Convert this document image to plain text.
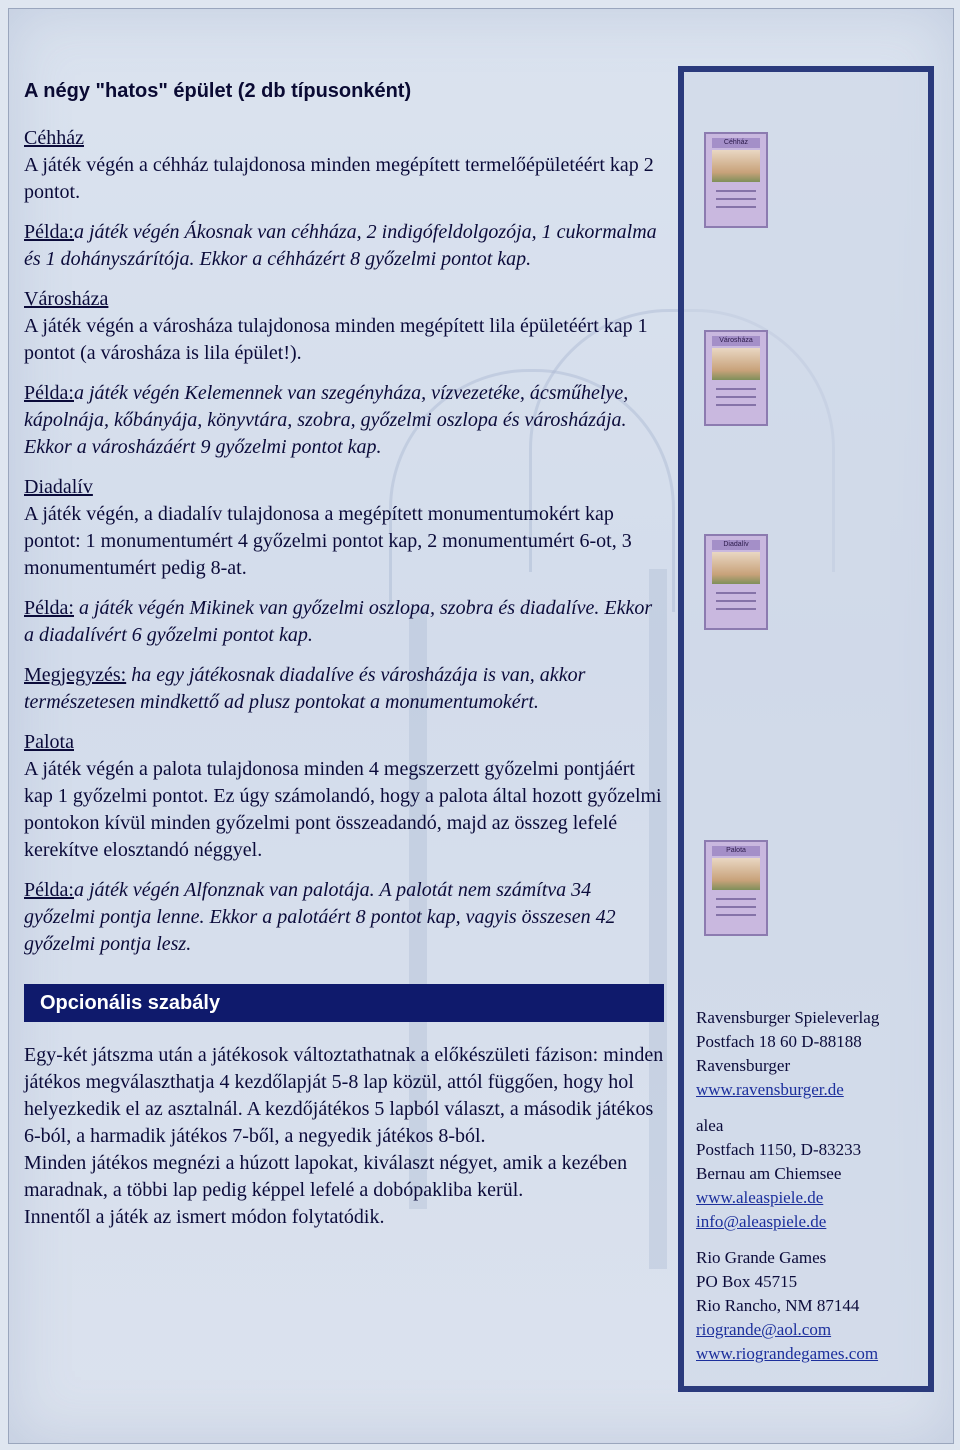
A négy "hatos" épület (2 db típusonként)
Céhház

A játék végén a céhház tulajdonosa minden megépített termelőépületéért kap 2 pontot.

Példa:a játék végén Ákosnak van céhháza, 2 indigófeldolgozója, 1 cukormalma és 1 dohányszárítója. Ekkor a céhházért 8 győzelmi pontot kap.

Városháza

A játék végén a városháza tulajdonosa minden megépített lila épületéért kap 1 pontot (a városháza is lila épület!).

Példa:a játék végén Kelemennek van szegényháza, vízvezetéke, ácsműhelye, kápolnája, kőbányája, könyvtára, szobra, győzelmi oszlopa és városházája. Ekkor a városházáért 9 győzelmi pontot kap.

Diadalív

A játék végén, a diadalív tulajdonosa a megépített monumentumokért kap pontot: 1 monumentumért 4 győzelmi pontot kap, 2 monumentumért 6-ot, 3 monumentumért pedig 8-at.

Példa: a játék végén Mikinek van győzelmi oszlopa, szobra és diadalíve. Ekkor a diadalívért 6 győzelmi pontot kap.

Megjegyzés: ha egy játékosnak diadalíve és városházája is van, akkor természetesen mindkettő ad plusz pontokat a monumentumokért.

Palota

A játék végén a palota tulajdonosa minden 4 megszerzett győzelmi pontjáért kap 1 győzelmi pontot. Ez úgy számolandó, hogy a palota által hozott győzelmi pontokon kívül minden győzelmi pont összeadandó, majd az összeg lefelé kerekítve elosztandó néggyel.

Példa:a játék végén Alfonznak van palotája. A palotát nem számítva 34 győzelmi pontja lenne. Ekkor a palotáért 8 pontot kap, vagyis összesen 42 győzelmi pontja lesz.

Opcionális szabály

Egy-két játszma után a játékosok változtathatnak a előkészületi fázison: minden játékos megválaszthatja 4 kezdőlapját 5-8 lap közül, attól függően, hogy hol helyezkedik el az asztalnál. A kezdőjátékos 5 lapból választ, a második játékos 6-ból, a harmadik játékos 7-ből, a negyedik játékos 8-ból.

Minden játékos megnézi a húzott lapokat, kiválaszt négyet, amik a kezében maradnak, a többi lap pedig képpel lefelé a dobópakliba kerül.

Innentől a játék az ismert módon folytatódik.

Céhház
Városháza
Diadalív
Palota
Ravensburger Spieleverlag
Postfach 18 60 D-88188
Ravensburger
www.ravensburger.de
alea
Postfach 1150, D-83233
Bernau am Chiemsee
www.aleaspiele.de
info@aleaspiele.de
Rio Grande Games
PO Box 45715
Rio Rancho, NM 87144
riogrande@aol.com
www.riograndegames.com
